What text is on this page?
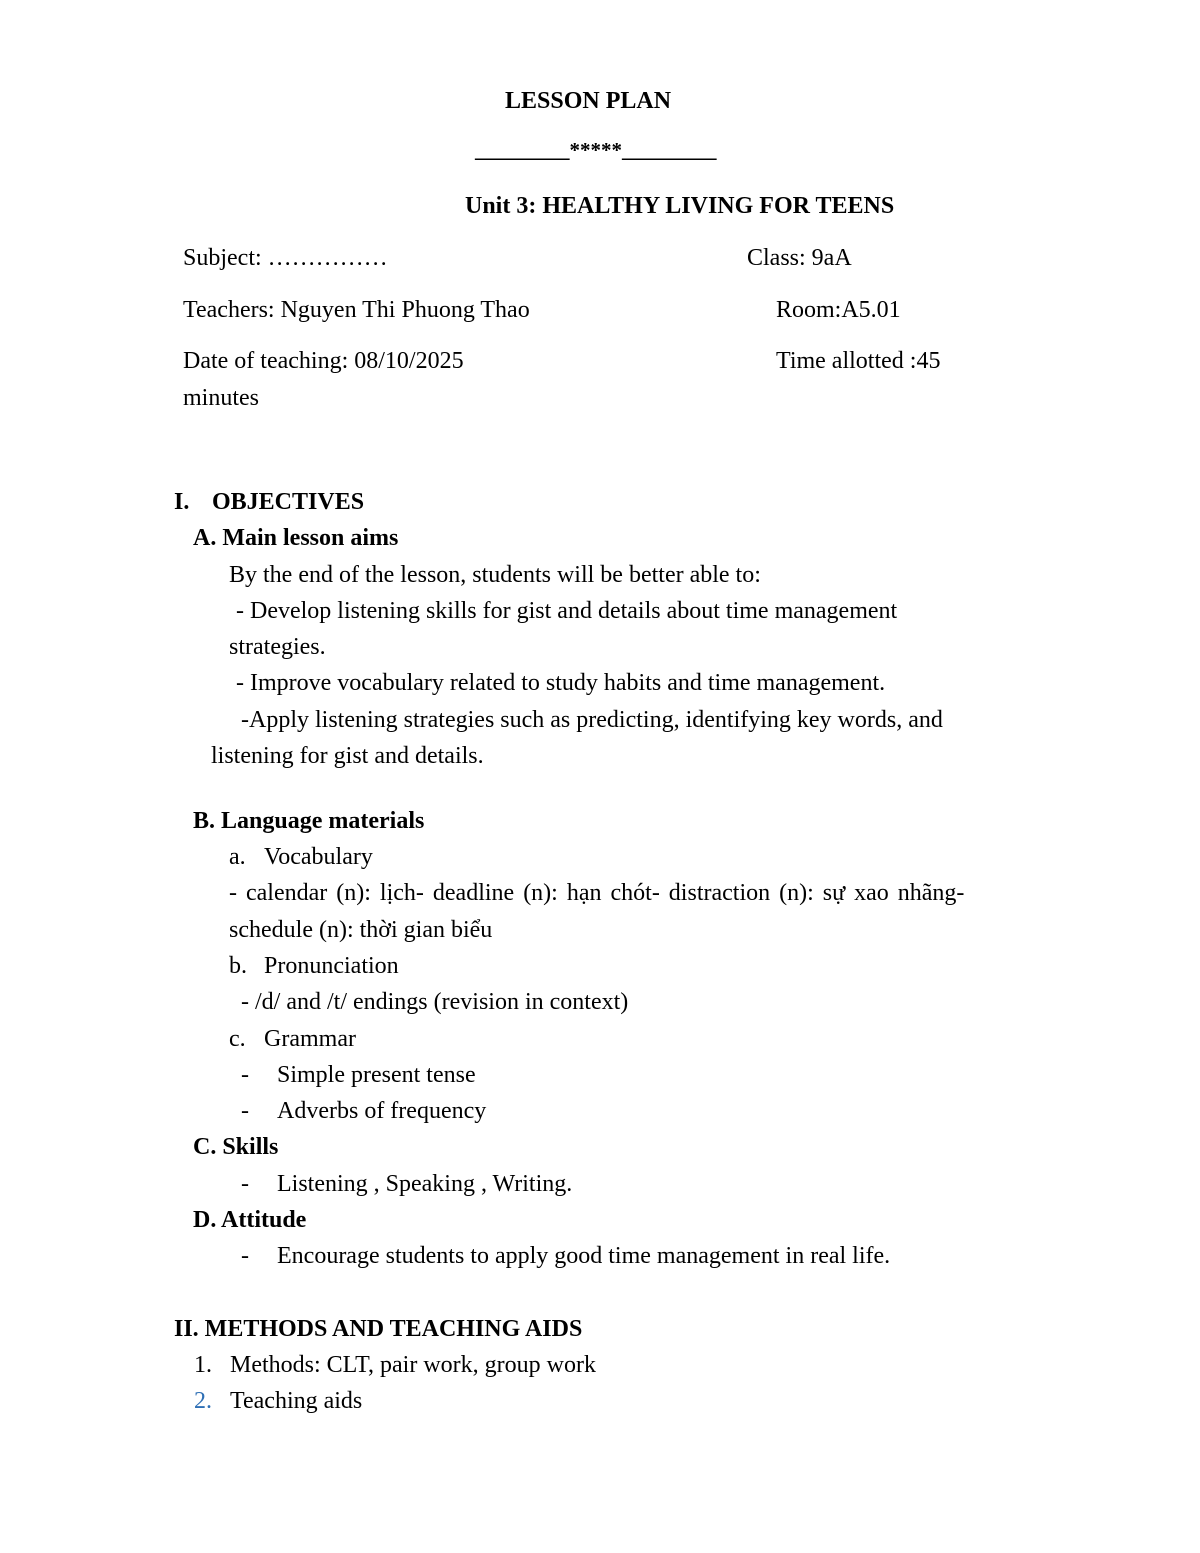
LESSON PLAN
_________*****_________
Unit 3: HEALTHY LIVING FOR TEENS
Subject: ……………	Class: 9aA
Teachers: Nguyen Thi Phuong Thao	Room:A5.01
Date of teaching: 08/10/2025	Time allotted :45
minutes
I. OBJECTIVES
A. Main lesson aims
By the end of the lesson, students will be better able to:
- Develop listening skills for gist and details about time management
strategies.
- Improve vocabulary related to study habits and time management.
-Apply listening strategies such as predicting, identifying key words, and
listening for gist and details.
B. Language materials
a. Vocabulary
- calendar (n): lịch- deadline (n): hạn chót- distraction (n): sự xao nhãng-
schedule (n): thời gian biểu
b. Pronunciation
- /d/ and /t/ endings (revision in context)
c. Grammar
- Simple present tense
- Adverbs of frequency
C. Skills
- Listening , Speaking , Writing.
D. Attitude
- Encourage students to apply good time management in real life.
II. METHODS AND TEACHING AIDS
1. Methods: CLT, pair work, group work
2. Teaching aids
